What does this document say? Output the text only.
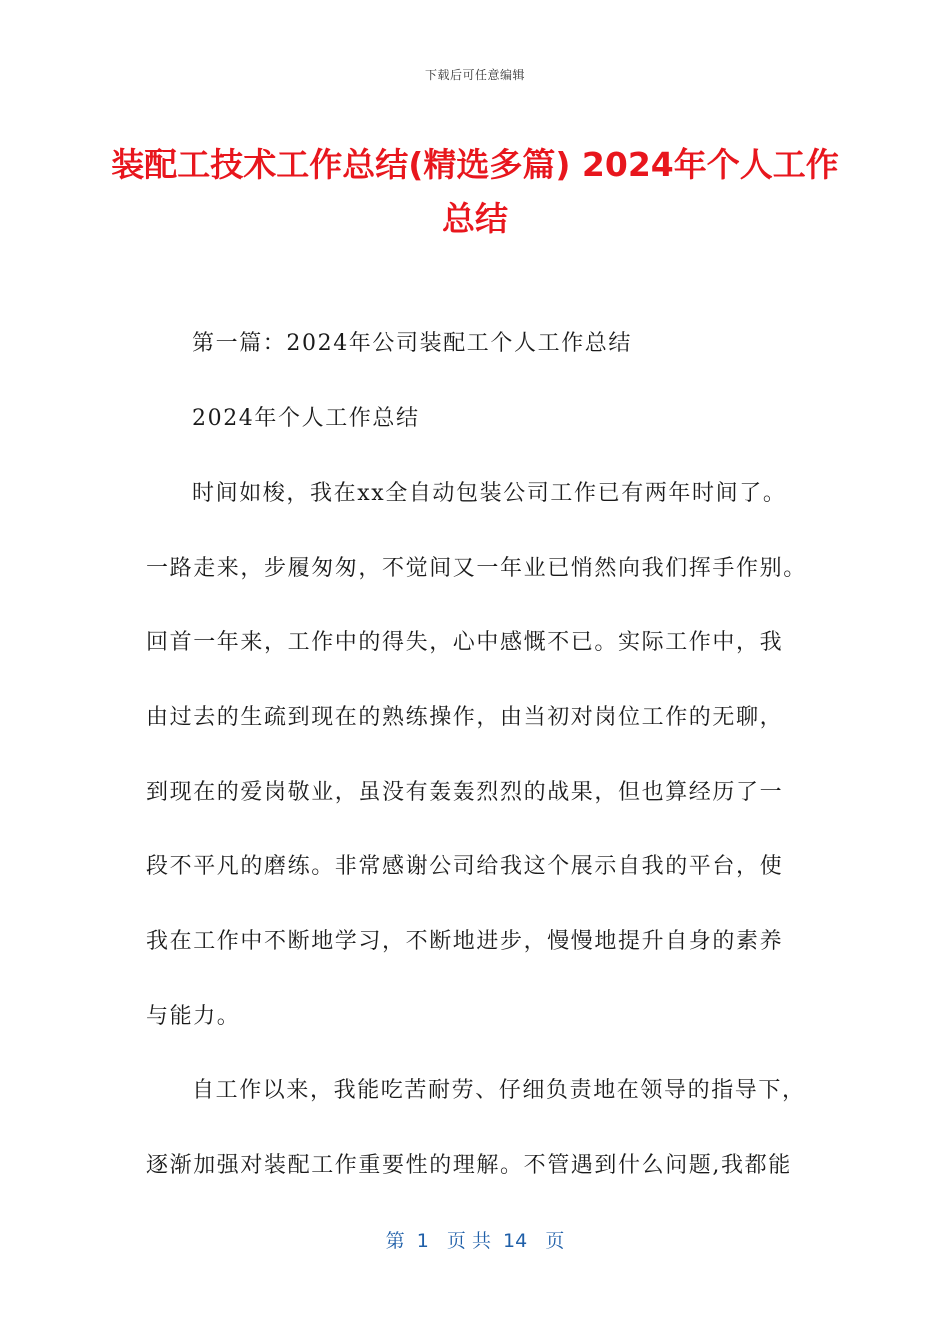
下载后可任意编辑
装配工技术工作总结(精选多篇) 2024年个人工作总结
第一篇：2024年公司装配工个人工作总结
2024年个人工作总结
时间如梭，我在xx全自动包装公司工作已有两年时间了。
一路走来，步履匆匆，不觉间又一年业已悄然向我们挥手作别。
回首一年来，工作中的得失，心中感慨不已。实际工作中，我
由过去的生疏到现在的熟练操作，由当初对岗位工作的无聊，
到现在的爱岗敬业，虽没有轰轰烈烈的战果，但也算经历了一
段不平凡的磨练。非常感谢公司给我这个展示自我的平台，使
我在工作中不断地学习，不断地进步，慢慢地提升自身的素养
与能力。
自工作以来，我能吃苦耐劳、仔细负责地在领导的指导下，
逐渐加强对装配工作重要性的理解。不管遇到什么问题,我都能
第  1   页 共  14   页
